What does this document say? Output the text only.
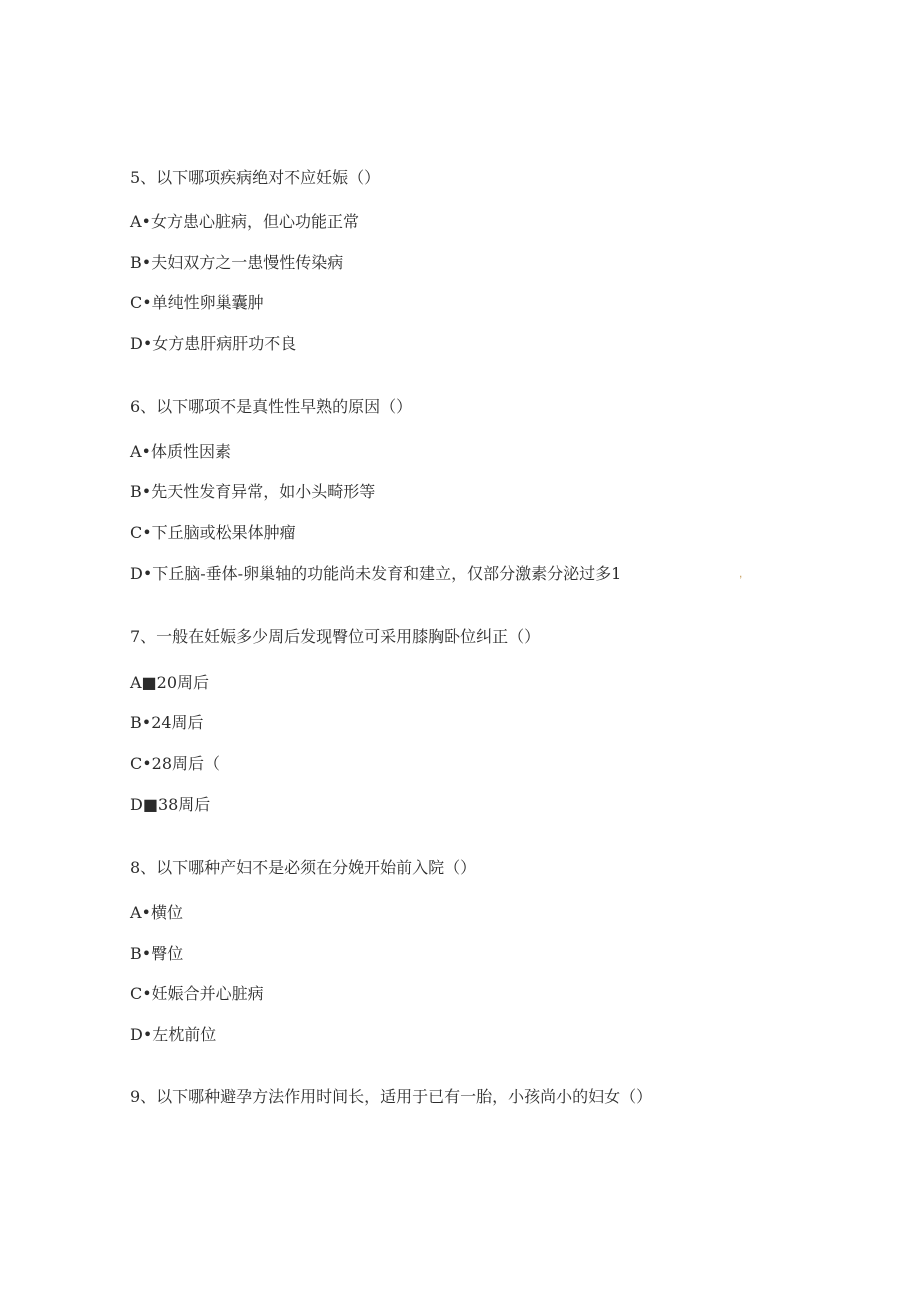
5、以下哪项疾病绝对不应妊娠（）
A•女方患心脏病，但心功能正常
B•夫妇双方之一患慢性传染病
C•单纯性卵巢囊肿
D•女方患肝病肝功不良
6、以下哪项不是真性性早熟的原因（）
A•体质性因素
B•先天性发育异常，如小头畸形等
C•下丘脑或松果体肿瘤
D•下丘脑-垂体-卵巢轴的功能尚未发育和建立，仅部分激素分泌过多1	,
7、一般在妊娠多少周后发现臀位可采用膝胸卧位纠正（）
A■20周后
B•24周后
C•28周后（
D■38周后
8、以下哪种产妇不是必须在分娩开始前入院（）
A•横位
B•臀位
C•妊娠合并心脏病
D•左枕前位
9、以下哪种避孕方法作用时间长，适用于已有一胎，小孩尚小的妇女（）
